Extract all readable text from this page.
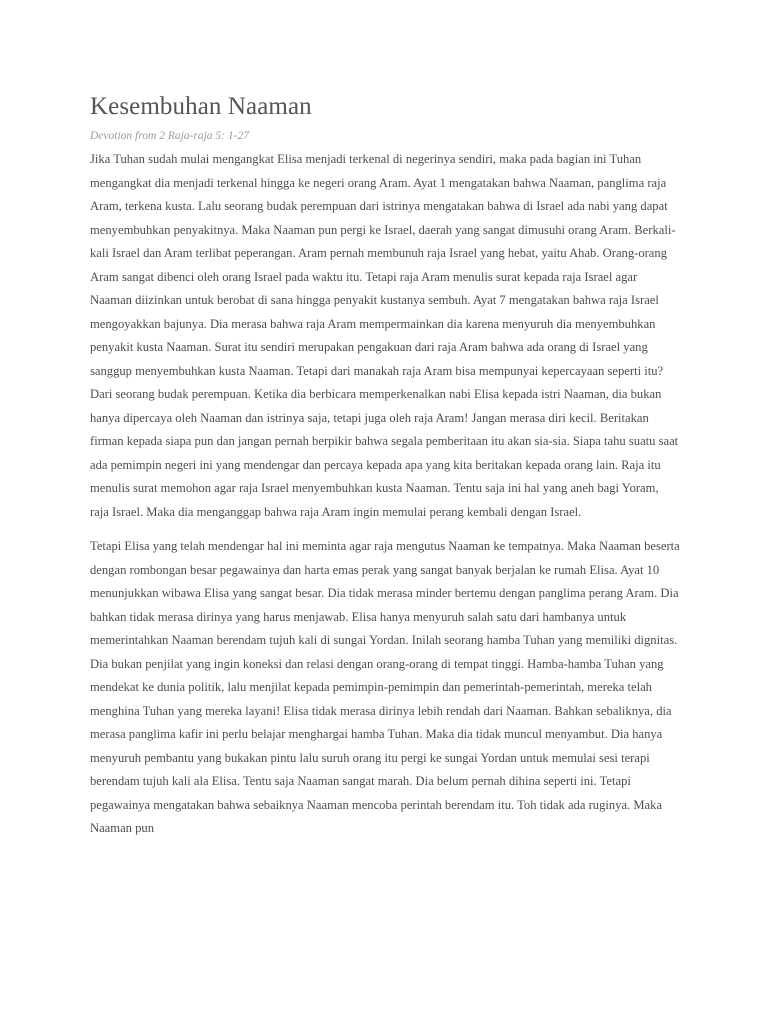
Kesembuhan Naaman
Devotion from 2 Raja-raja 5: 1-27

Jika Tuhan sudah mulai mengangkat Elisa menjadi terkenal di negerinya sendiri, maka pada bagian ini Tuhan mengangkat dia menjadi terkenal hingga ke negeri orang Aram. Ayat 1 mengatakan bahwa Naaman, panglima raja Aram, terkena kusta. Lalu seorang budak perempuan dari istrinya mengatakan bahwa di Israel ada nabi yang dapat menyembuhkan penyakitnya. Maka Naaman pun pergi ke Israel, daerah yang sangat dimusuhi orang Aram. Berkali-kali Israel dan Aram terlibat peperangan. Aram pernah membunuh raja Israel yang hebat, yaitu Ahab. Orang-orang Aram sangat dibenci oleh orang Israel pada waktu itu. Tetapi raja Aram menulis surat kepada raja Israel agar Naaman diizinkan untuk berobat di sana hingga penyakit kustanya sembuh. Ayat 7 mengatakan bahwa raja Israel mengoyakkan bajunya. Dia merasa bahwa raja Aram mempermainkan dia karena menyuruh dia menyembuhkan penyakit kusta Naaman. Surat itu sendiri merupakan pengakuan dari raja Aram bahwa ada orang di Israel yang sanggup menyembuhkan kusta Naaman. Tetapi dari manakah raja Aram bisa mempunyai kepercayaan seperti itu? Dari seorang budak perempuan. Ketika dia berbicara memperkenalkan nabi Elisa kepada istri Naaman, dia bukan hanya dipercaya oleh Naaman dan istrinya saja, tetapi juga oleh raja Aram! Jangan merasa diri kecil. Beritakan firman kepada siapa pun dan jangan pernah berpikir bahwa segala pemberitaan itu akan sia-sia. Siapa tahu suatu saat ada pemimpin negeri ini yang mendengar dan percaya kepada apa yang kita beritakan kepada orang lain. Raja itu menulis surat memohon agar raja Israel menyembuhkan kusta Naaman. Tentu saja ini hal yang aneh bagi Yoram, raja Israel. Maka dia menganggap bahwa raja Aram ingin memulai perang kembali dengan Israel.

Tetapi Elisa yang telah mendengar hal ini meminta agar raja mengutus Naaman ke tempatnya. Maka Naaman beserta dengan rombongan besar pegawainya dan harta emas perak yang sangat banyak berjalan ke rumah Elisa. Ayat 10 menunjukkan wibawa Elisa yang sangat besar. Dia tidak merasa minder bertemu dengan panglima perang Aram. Dia bahkan tidak merasa dirinya yang harus menjawab. Elisa hanya menyuruh salah satu dari hambanya untuk memerintahkan Naaman berendam tujuh kali di sungai Yordan. Inilah seorang hamba Tuhan yang memiliki dignitas. Dia bukan penjilat yang ingin koneksi dan relasi dengan orang-orang di tempat tinggi. Hamba-hamba Tuhan yang mendekat ke dunia politik, lalu menjilat kepada pemimpin-pemimpin dan pemerintah-pemerintah, mereka telah menghina Tuhan yang mereka layani! Elisa tidak merasa dirinya lebih rendah dari Naaman. Bahkan sebaliknya, dia merasa panglima kafir ini perlu belajar menghargai hamba Tuhan. Maka dia tidak muncul menyambut. Dia hanya menyuruh pembantu yang bukakan pintu lalu suruh orang itu pergi ke sungai Yordan untuk memulai sesi terapi berendam tujuh kali ala Elisa. Tentu saja Naaman sangat marah. Dia belum pernah dihina seperti ini. Tetapi pegawainya mengatakan bahwa sebaiknya Naaman mencoba perintah berendam itu. Toh tidak ada ruginya. Maka Naaman pun
